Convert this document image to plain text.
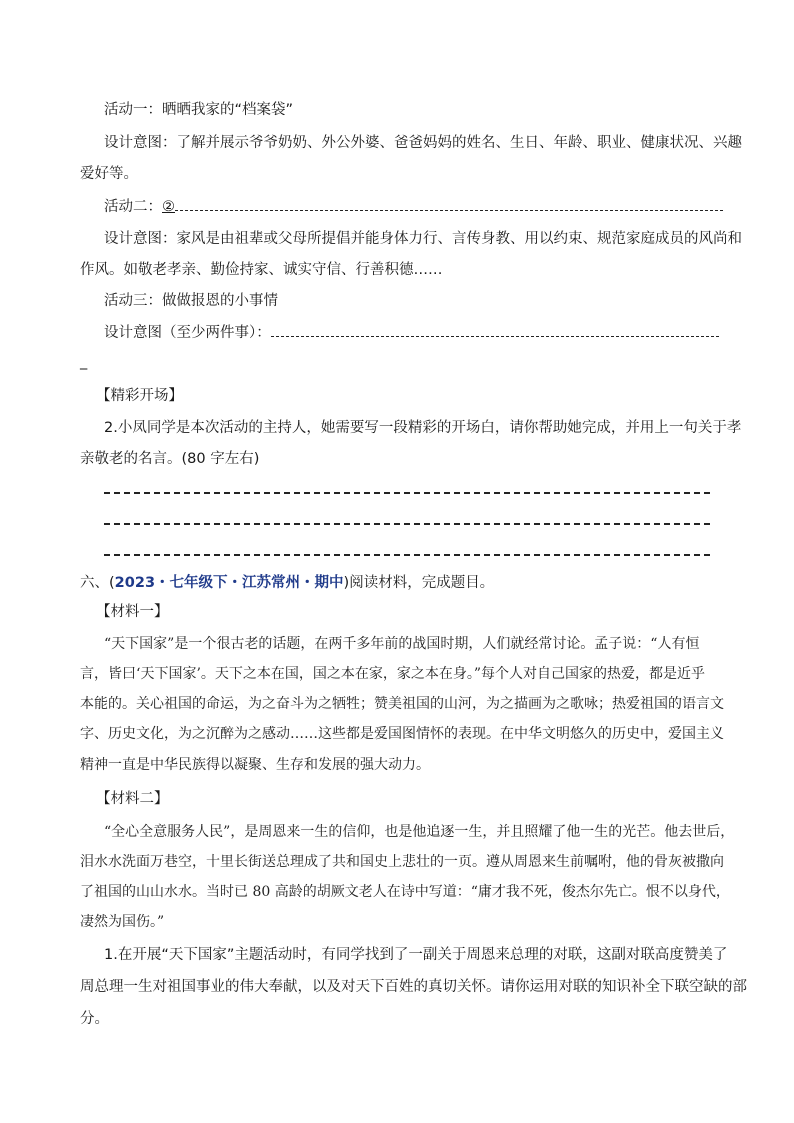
活动一：晒晒我家的“档案袋”
设计意图：了解并展示爷爷奶奶、外公外婆、爸爸妈妈的姓名、生日、年龄、职业、健康状况、兴趣
爱好等。
活动二：②
设计意图：家风是由祖辈或父母所提倡并能身体力行、言传身教、用以约束、规范家庭成员的风尚和
作风。如敬老孝亲、勤俭持家、诚实守信、行善积德……
活动三：做做报恩的小事情
设计意图（至少两件事）：
_
【精彩开场】
2.小凤同学是本次活动的主持人，她需要写一段精彩的开场白，请你帮助她完成，并用上一句关于孝
亲敬老的名言。(80 字左右)
六、(2023・七年级下・江苏常州・期中)阅读材料，完成题目。
【材料一】
“天下国家”是一个很古老的话题，在两千多年前的战国时期，人们就经常讨论。孟子说：“人有恒
言，皆曰‘天下国家’。天下之本在国，国之本在家，家之本在身。”每个人对自己国家的热爱，都是近乎
本能的。关心祖国的命运，为之奋斗为之牺牲；赞美祖国的山河，为之描画为之歌咏；热爱祖国的语言文
字、历史文化，为之沉醉为之感动……这些都是爱国图情怀的表现。在中华文明悠久的历史中，爱国主义
精神一直是中华民族得以凝聚、生存和发展的强大动力。
【材料二】
“全心全意服务人民”，是周恩来一生的信仰，也是他追逐一生，并且照耀了他一生的光芒。他去世后，
泪水水洗面万巷空，十里长街送总理成了共和国史上悲壮的一页。遵从周恩来生前嘱咐，他的骨灰被撒向
了祖国的山山水水。当时已 80 高龄的胡厥文老人在诗中写道：“庸才我不死，俊杰尔先亡。恨不以身代，
凄然为国伤。”
1.在开展“天下国家”主题活动时，有同学找到了一副关于周恩来总理的对联，这副对联高度赞美了
周总理一生对祖国事业的伟大奉献，以及对天下百姓的真切关怀。请你运用对联的知识补全下联空缺的部
分。
